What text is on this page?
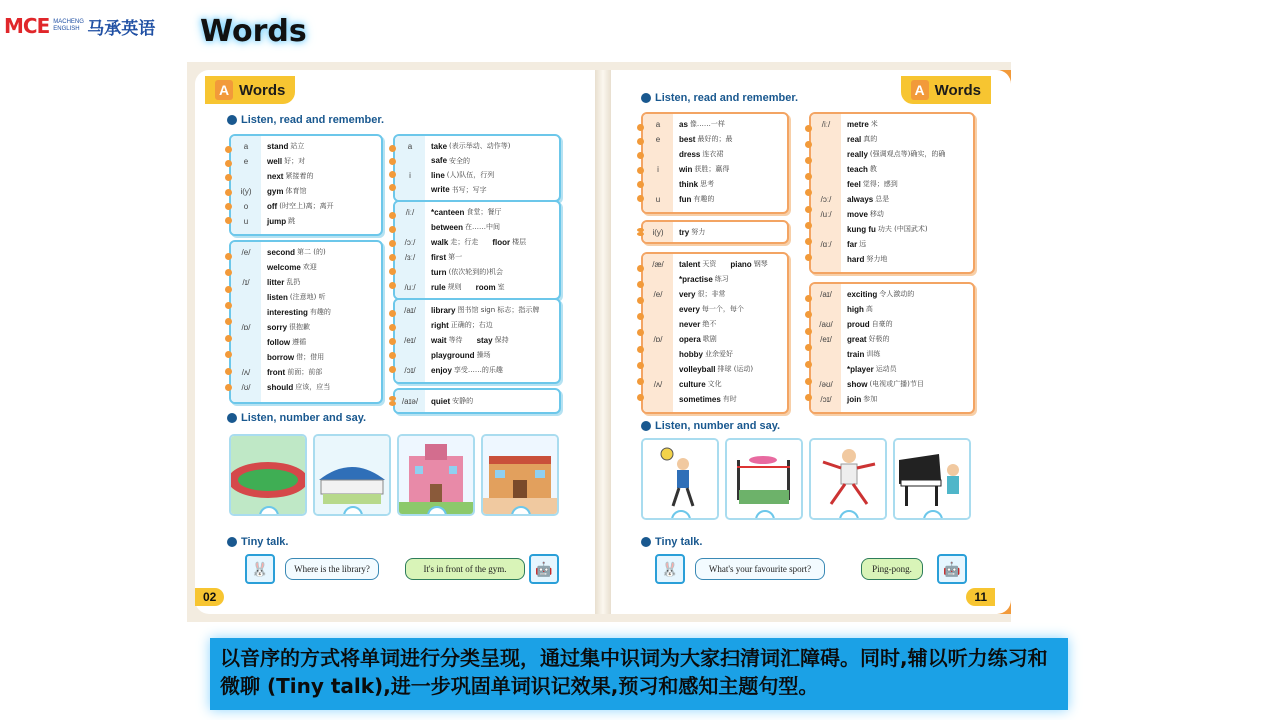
MCE MACHENG ENGLISH 马承英语 Words
A Words
Listen, read and remember.
a	stand 站立
e	well 好；对
next 紧接着的
i(y)	gym 体育馆
o	off (时空上)离；离开
u	jump 跳
/e/	second 第二 (的)
welcome 欢迎
/ɪ/	litter 乱扔
listen (注意地) 听
interesting 有趣的
/ɒ/	sorry 很抱歉
follow 遵循
borrow 借；借用
/ʌ/	front 前面；前部
/ʊ/	should 应该，应当
a	take (表示举动、动作等)
safe 安全的
i	line (人)队伍，行列
write 书写；写字
/iː/	*canteen 食堂；餐厅
between 在……中间
/ɔː/	walk 走；行走 floor 楼层
/ɜː/	first 第一
turn (依次轮到的)机会
/uː/	rule 规则 room 室
/aɪ/	library 图书馆 sign 标志；指示牌
right 正确的；右边
/eɪ/	wait 等待 stay 保持
playground 操场
/ɔɪ/	enjoy 享受……的乐趣
/aɪə/	quiet 安静的
Listen, number and say.
Tiny talk.
🐰	Where is the library?	It's in front of the gym.	🤖
02
A Words
Listen, read and remember.
a	as 像……一样
e	best 最好的；最
dress 连衣裙
i	win 获胜；赢得
think 思考
u	fun 有趣的
i(y)	try 努力
/æ/	talent 天资 piano 钢琴
*practise 练习
/e/	very 很；非常
every 每一个，每个
never 绝不
/ɒ/	opera 歌剧
hobby 业余爱好
volleyball 排球 (运动)
/ʌ/	culture 文化
sometimes 有时
/iː/	metre 米
real 真的
really (强调观点等)确实，的确
teach 教
feel 觉得；感到
/ɔː/	always 总是
/uː/	move 移动
kung fu 功夫 (中国武术)
/ɑː/	far 远
hard 努力地
/aɪ/	exciting 令人激动的
high 高
/aʊ/	proud 自豪的
/eɪ/	great 好极的
train 训练
*player 运动员
/əʊ/	show (电视或广播)节目
/ɔɪ/	join 参加
Listen, number and say.
Tiny talk.
🐰	What's your favourite sport?	Ping-pong.	🤖
11
以音序的方式将单词进行分类呈现，通过集中识词为大家扫清词汇障碍。同时,辅以听力练习和微聊 (Tiny talk),进一步巩固单词识记效果,预习和感知主题句型。
